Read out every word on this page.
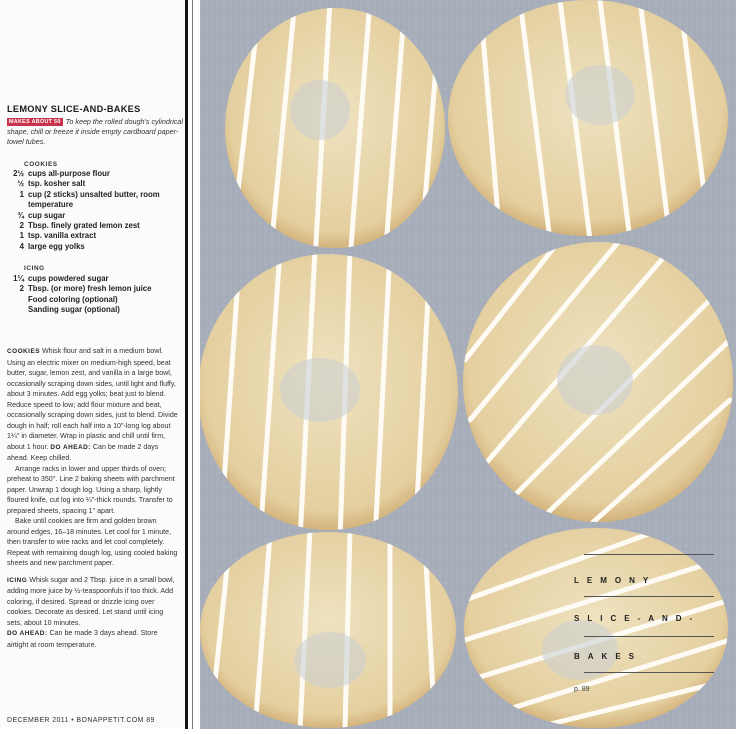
LEMONY SLICE-AND-BAKES
MAKES ABOUT 50 To keep the rolled dough's cylindrical shape, chill or freeze it inside empty cardboard paper-towel tubes.
COOKIES
2½ cups all-purpose flour
½ tsp. kosher salt
1 cup (2 sticks) unsalted butter, room temperature
¾ cup sugar
2 Tbsp. finely grated lemon zest
1 tsp. vanilla extract
4 large egg yolks
ICING
1¼ cups powdered sugar
2 Tbsp. (or more) fresh lemon juice
Food coloring (optional)
Sanding sugar (optional)

COOKIES Whisk flour and salt in a medium bowl. Using an electric mixer on medium-high speed, beat butter, sugar, lemon zest, and vanilla in a large bowl, occasionally scraping down sides, until light and fluffy, about 3 minutes. Add egg yolks; beat just to blend. Reduce speed to low; add flour mixture and beat, occasionally scraping down sides, just to blend. Divide dough in half; roll each half into a 10"-long log about 1¼" in diameter. Wrap in plastic and chill until firm, about 1 hour. DO AHEAD: Can be made 2 days ahead. Keep chilled.

Arrange racks in lower and upper thirds of oven; preheat to 350°. Line 2 baking sheets with parchment paper. Unwrap 1 dough log. Using a sharp, lightly floured knife, cut log into ¼"-thick rounds. Transfer to prepared sheets, spacing 1" apart.

Bake until cookies are firm and golden brown around edges, 16–18 minutes. Let cool for 1 minute, then transfer to wire racks and let cool completely. Repeat with remaining dough log, using cooled baking sheets and new parchment paper.

ICING Whisk sugar and 2 Tbsp. juice in a small bowl, adding more juice by ½-teaspoonfuls if too thick. Add coloring, if desired. Spread or drizzle icing over cookies. Decorate as desired. Let stand until icing sets, about 10 minutes.

DO AHEAD: Can be made 3 days ahead. Store airtight at room temperature.

DECEMBER 2011 • BONAPPETIT.COM 89
LEMONY
SLICE-AND-
BAKES
p. 89
